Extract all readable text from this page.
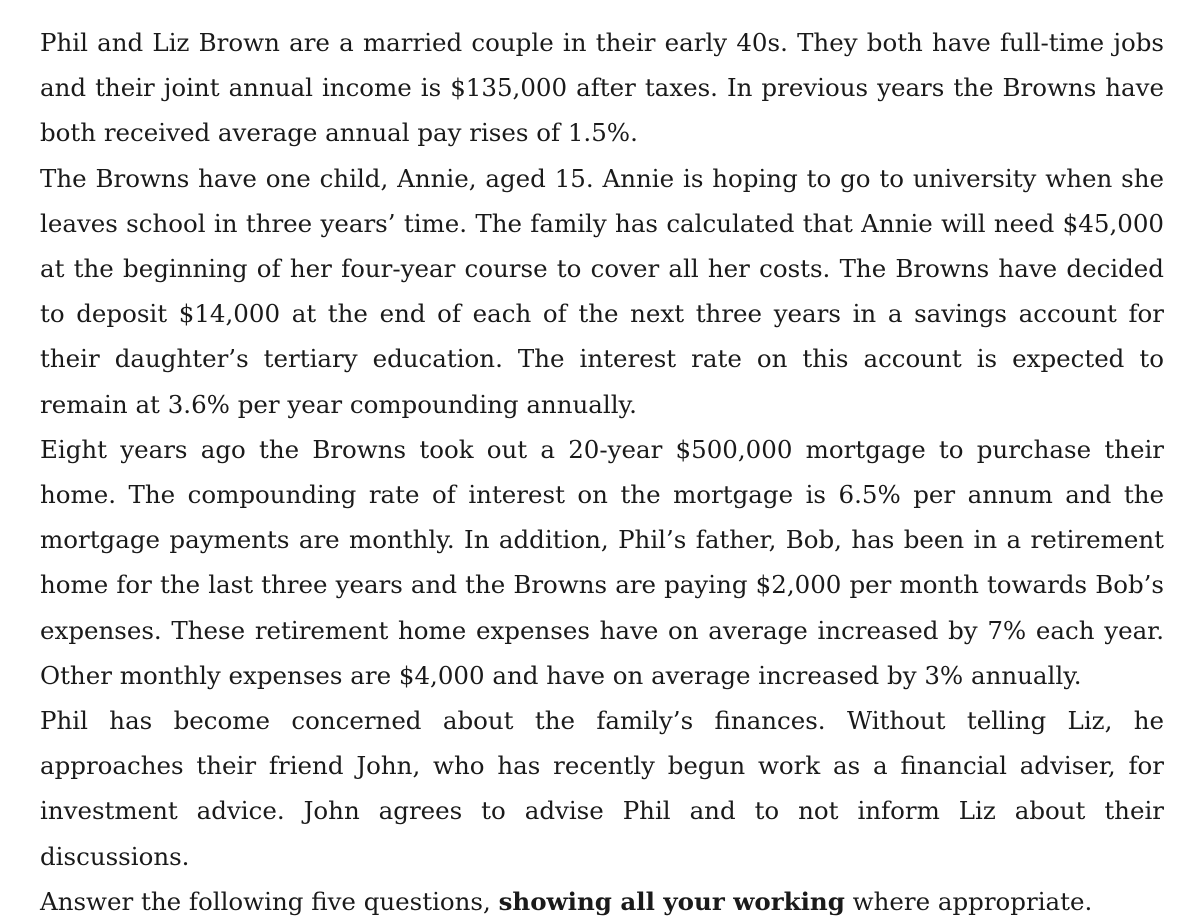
Phil and Liz Brown are a married couple in their early 40s. They both have full-time jobs and their joint annual income is $135,000 after taxes. In previous years the Browns have both received average annual pay rises of 1.5%.

The Browns have one child, Annie, aged 15. Annie is hoping to go to university when she leaves school in three years’ time. The family has calculated that Annie will need $45,000 at the beginning of her four-year course to cover all her costs. The Browns have decided to deposit $14,000 at the end of each of the next three years in a savings account for their daughter’s tertiary education. The interest rate on this account is expected to remain at 3.6% per year compounding annually.

Eight years ago the Browns took out a 20-year $500,000 mortgage to purchase their home. The compounding rate of interest on the mortgage is 6.5% per annum and the mortgage payments are monthly. In addition, Phil’s father, Bob, has been in a retirement home for the last three years and the Browns are paying $2,000 per month towards Bob’s expenses. These retirement home expenses have on average increased by 7% each year. Other monthly expenses are $4,000 and have on average increased by 3% annually.

Phil has become concerned about the family’s finances. Without telling Liz, he approaches their friend John, who has recently begun work as a financial adviser, for investment advice. John agrees to advise Phil and to not inform Liz about their discussions.

Answer the following five questions, showing all your working where appropriate.
